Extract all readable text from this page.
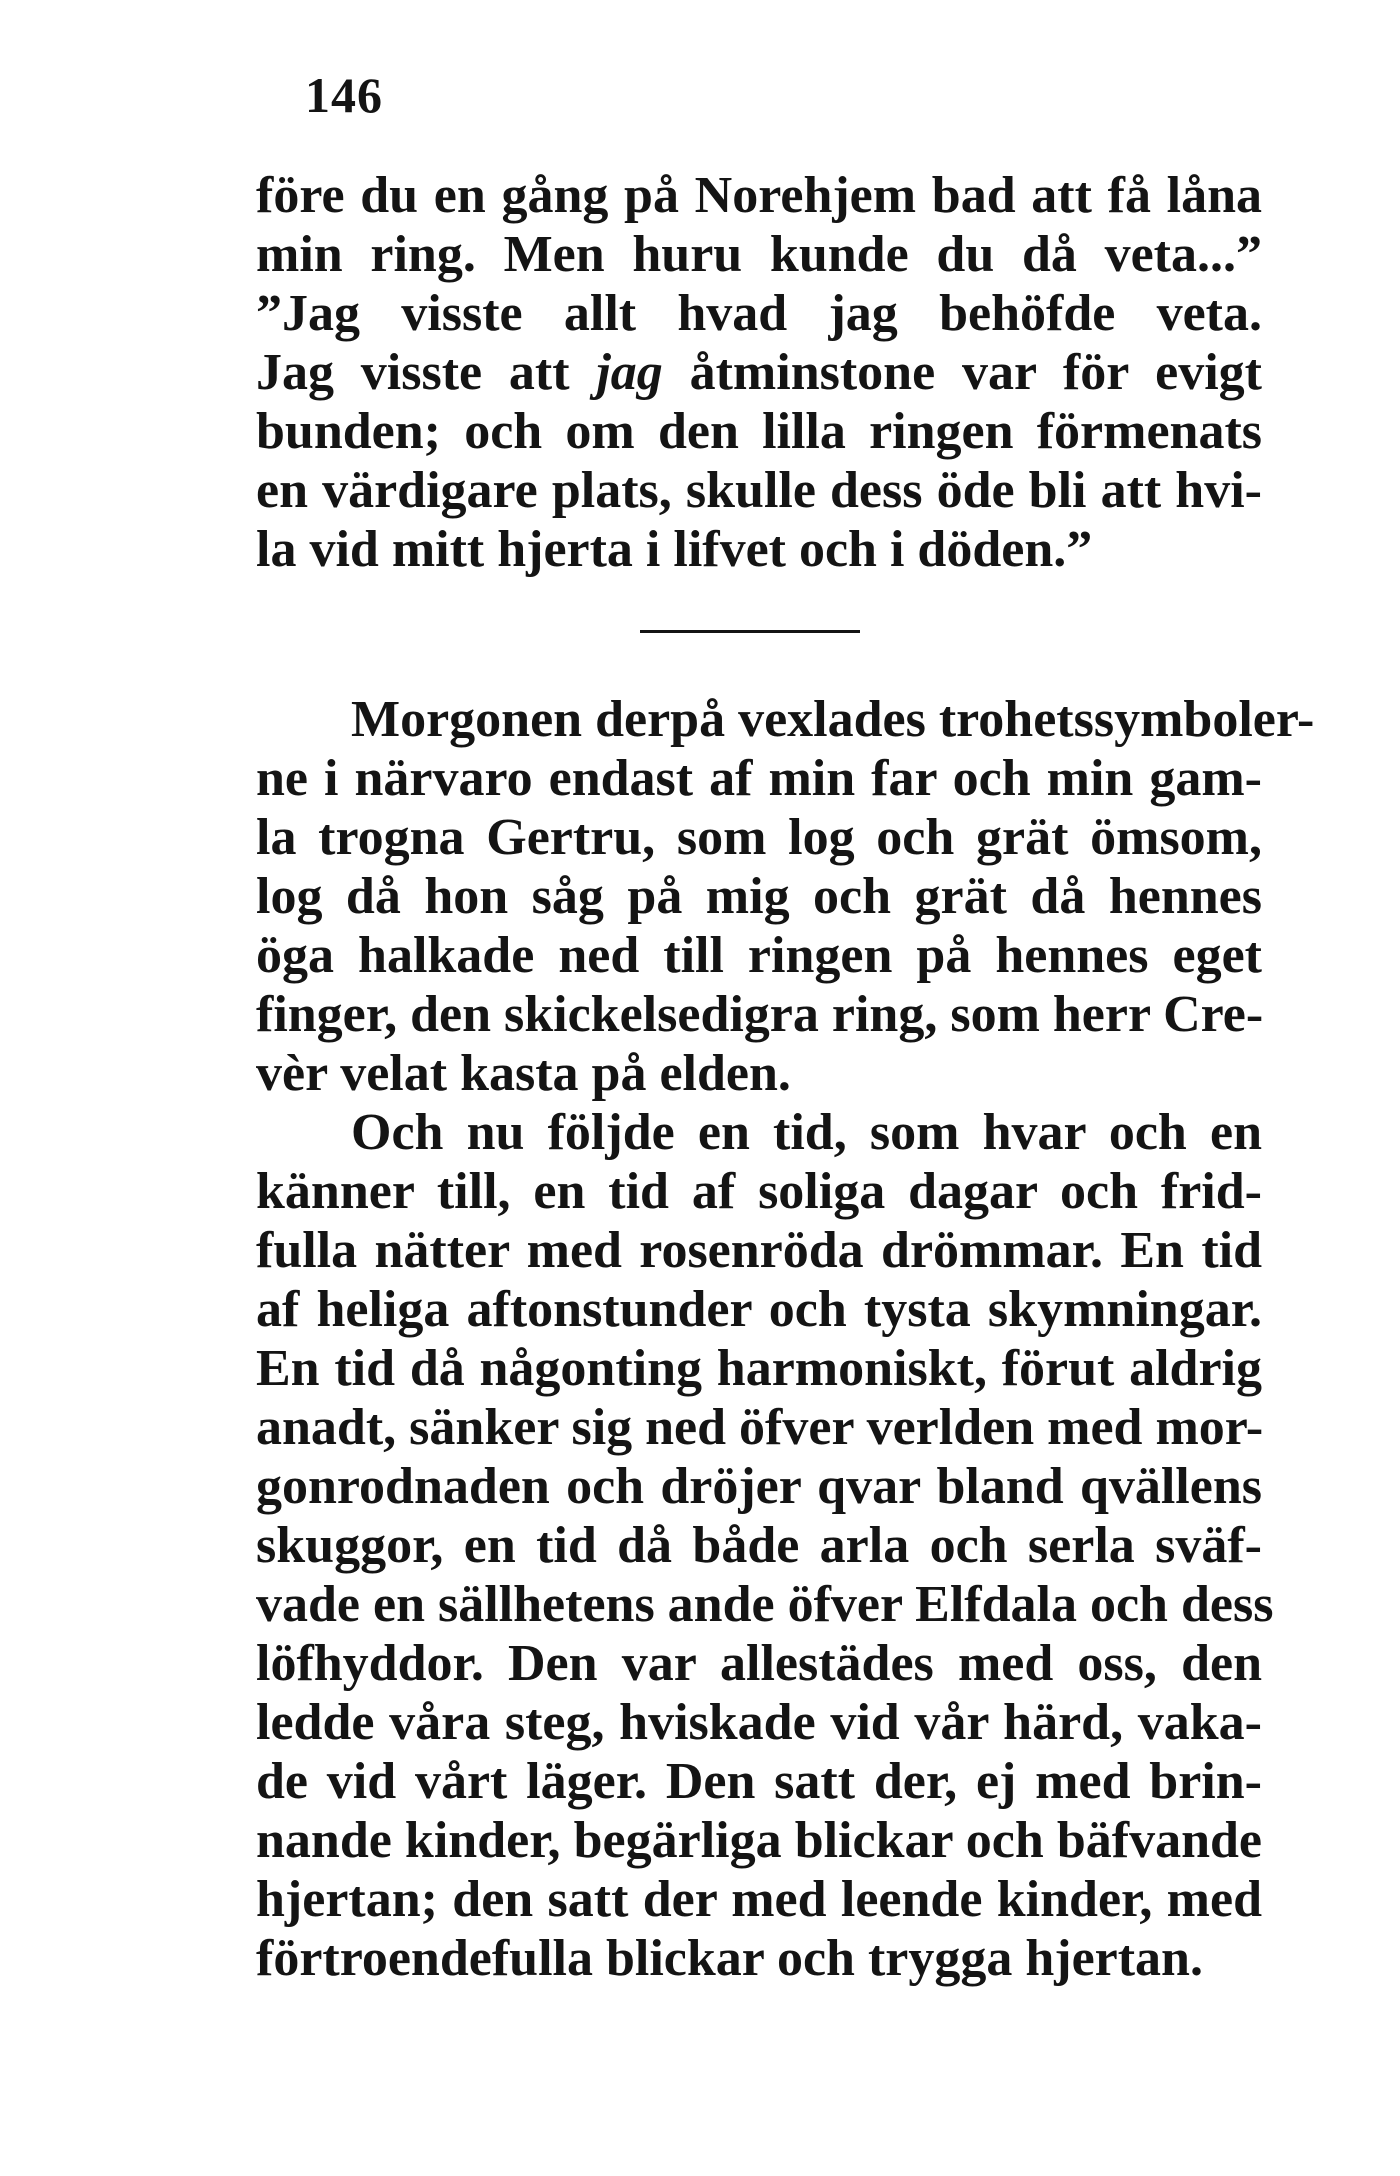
146
före du en gång på Norehjem bad att få låna
min ring. Men huru kunde du då veta...”
”Jag visste allt hvad jag behöfde veta.
Jag visste att jag åtminstone var för evigt
bunden; och om den lilla ringen förmenats
en värdigare plats, skulle dess öde bli att hvi-
la vid mitt hjerta i lifvet och i döden.”
Morgonen derpå vexlades trohetssymboler-
ne i närvaro endast af min far och min gam-
la trogna Gertru, som log och grät ömsom,
log då hon såg på mig och grät då hennes
öga halkade ned till ringen på hennes eget
finger, den skickelsedigra ring, som herr Cre-
vèr velat kasta på elden.
Och nu följde en tid, som hvar och en
känner till, en tid af soliga dagar och frid-
fulla nätter med rosenröda drömmar. En tid
af heliga aftonstunder och tysta skymningar.
En tid då någonting harmoniskt, förut aldrig
anadt, sänker sig ned öfver verlden med mor-
gonrodnaden och dröjer qvar bland qvällens
skuggor, en tid då både arla och serla sväf-
vade en sällhetens ande öfver Elfdala och dess
löfhyddor. Den var allestädes med oss, den
ledde våra steg, hviskade vid vår härd, vaka-
de vid vårt läger. Den satt der, ej med brin-
nande kinder, begärliga blickar och bäfvande
hjertan; den satt der med leende kinder, med
förtroendefulla blickar och trygga hjertan.
